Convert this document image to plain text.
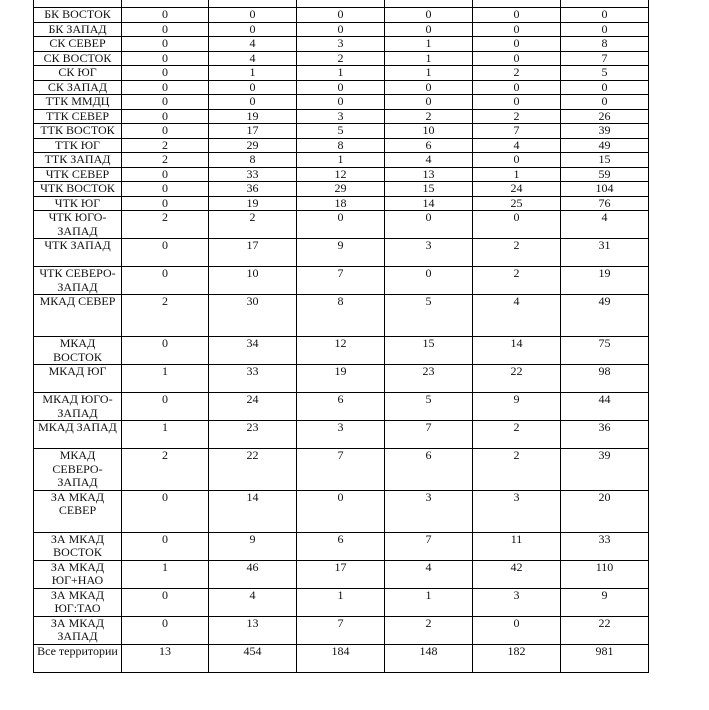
БК ВОСТОК	0	0	0	0	0	0
БК ЗАПАД	0	0	0	0	0	0
СК СЕВЕР	0	4	3	1	0	8
СК ВОСТОК	0	4	2	1	0	7
СК ЮГ	0	1	1	1	2	5
СК ЗАПАД	0	0	0	0	0	0
ТТК ММДЦ	0	0	0	0	0	0
ТТК СЕВЕР	0	19	3	2	2	26
ТТК ВОСТОК	0	17	5	10	7	39
ТТК ЮГ	2	29	8	6	4	49
ТТК ЗАПАД	2	8	1	4	0	15
ЧТК СЕВЕР	0	33	12	13	1	59
ЧТК ВОСТОК	0	36	29	15	24	104
ЧТК ЮГ	0	19	18	14	25	76
ЧТК ЮГО-ЗАПАД	2	2	0	0	0	4
ЧТК ЗАПАД	0	17	9	3	2	31
ЧТК СЕВЕРО-ЗАПАД	0	10	7	0	2	19
МКАД СЕВЕР	2	30	8	5	4	49
МКАД ВОСТОК	0	34	12	15	14	75
МКАД ЮГ	1	33	19	23	22	98
МКАД ЮГО-ЗАПАД	0	24	6	5	9	44
МКАД ЗАПАД	1	23	3	7	2	36
МКАД СЕВЕРО-ЗАПАД	2	22	7	6	2	39
ЗА МКАД СЕВЕР	0	14	0	3	3	20
ЗА МКАД ВОСТОК	0	9	6	7	11	33
ЗА МКАД ЮГ+НАО	1	46	17	4	42	110
ЗА МКАД ЮГ:ТАО	0	4	1	1	3	9
ЗА МКАД ЗАПАД	0	13	7	2	0	22
Все территории	13	454	184	148	182	981
